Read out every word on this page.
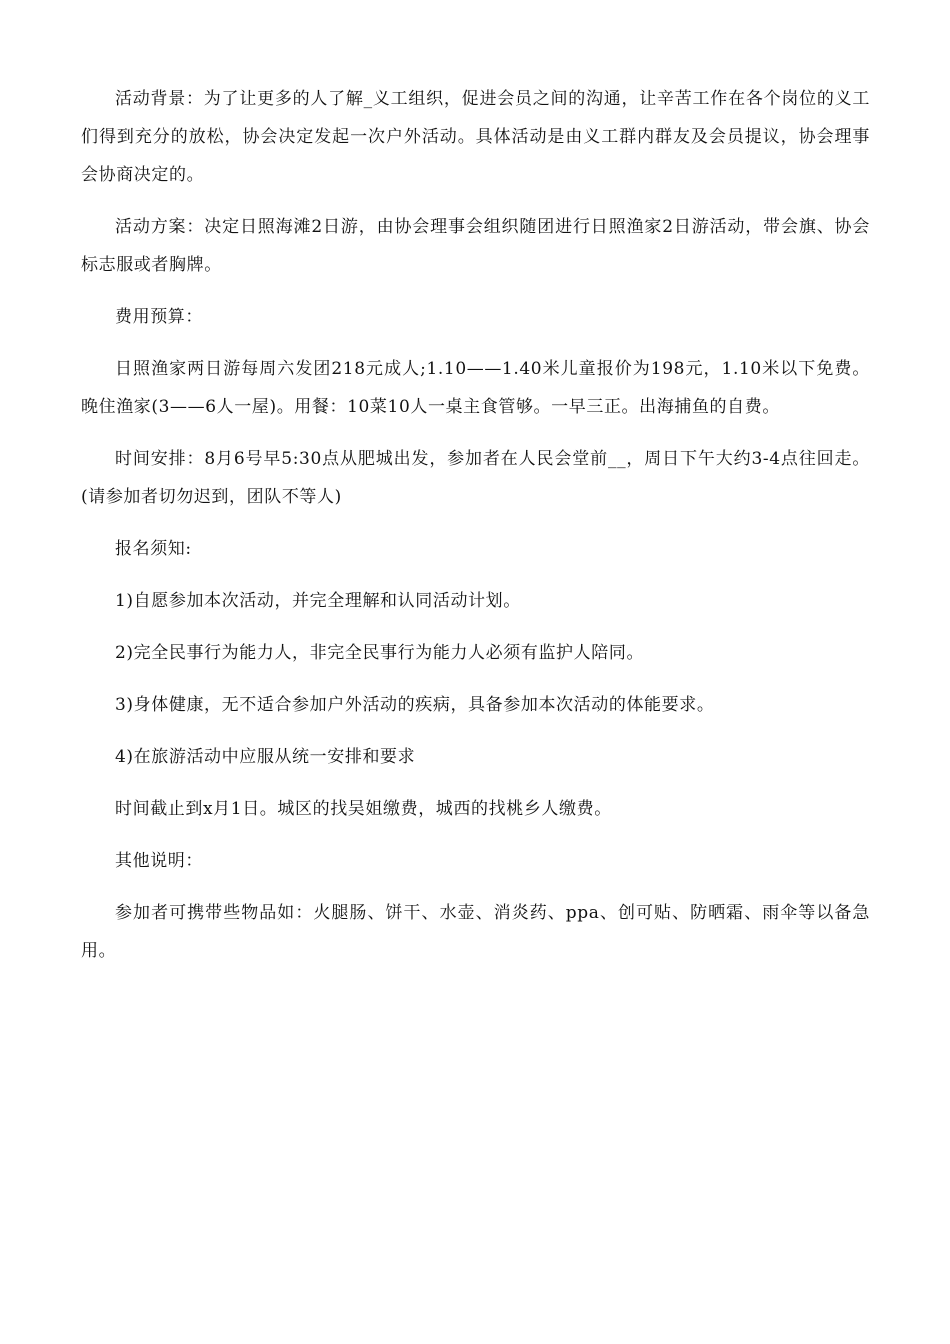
活动背景：为了让更多的人了解_义工组织，促进会员之间的沟通，让辛苦工作在各个岗位的义工们得到充分的放松，协会决定发起一次户外活动。具体活动是由义工群内群友及会员提议，协会理事会协商决定的。

活动方案：决定日照海滩2日游，由协会理事会组织随团进行日照渔家2日游活动，带会旗、协会标志服或者胸牌。

费用预算：

日照渔家两日游每周六发团218元成人;1.10——1.40米儿童报价为198元，1.10米以下免费。晚住渔家(3——6人一屋)。用餐：10菜10人一桌主食管够。一早三正。出海捕鱼的自费。

时间安排：8月6号早5:30点从肥城出发，参加者在人民会堂前__，周日下午大约3-4点往回走。(请参加者切勿迟到，团队不等人)

报名须知:

1)自愿参加本次活动，并完全理解和认同活动计划。

2)完全民事行为能力人，非完全民事行为能力人必须有监护人陪同。

3)身体健康，无不适合参加户外活动的疾病，具备参加本次活动的体能要求。

4)在旅游活动中应服从统一安排和要求

时间截止到x月1日。城区的找吴姐缴费，城西的找桃乡人缴费。

其他说明：

参加者可携带些物品如：火腿肠、饼干、水壶、消炎药、ppa、创可贴、防晒霜、雨伞等以备急用。
